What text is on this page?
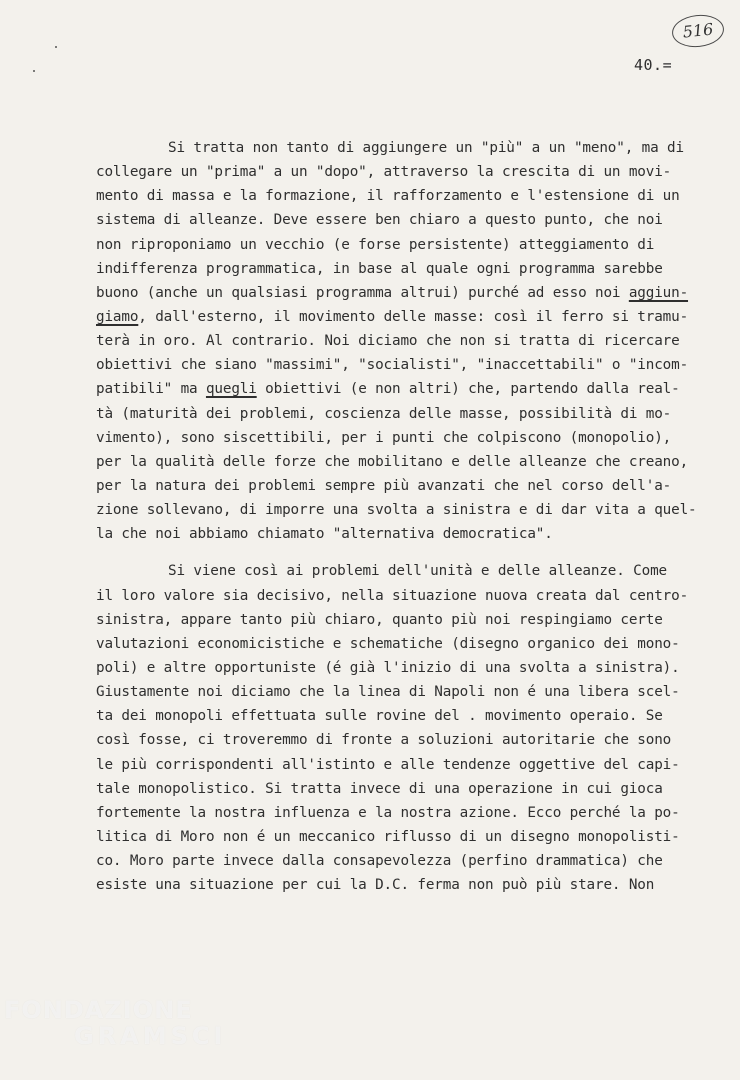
516
40.=
Si tratta non tanto di aggiungere un "più" a un "meno", ma di
collegare un "prima" a un "dopo", attraverso la crescita di un movi-
mento di massa e la formazione, il rafforzamento e l'estensione di un
sistema di alleanze. Deve essere ben chiaro a questo punto, che noi
non riproponiamo un vecchio (e forse persistente) atteggiamento di
indifferenza programmatica, in base al quale ogni programma sarebbe
buono (anche un qualsiasi programma altrui) purché ad esso noi aggiun-
giamo, dall'esterno, il movimento delle masse: così il ferro si tramu-
terà in oro. Al contrario. Noi diciamo che non si tratta di ricercare
obiettivi che siano "massimi", "socialisti", "inaccettabili" o "incom-
patibili" ma quegli obiettivi (e non altri) che, partendo dalla real-
tà (maturità dei problemi, coscienza delle masse, possibilità di mo-
vimento), sono siscettibili, per i punti che colpiscono (monopolio),
per la qualità delle forze che mobilitano e delle alleanze che creano,
per la natura dei problemi sempre più avanzati che nel corso dell'a-
zione sollevano, di imporre una svolta a sinistra e di dar vita a quel-
la che noi abbiamo chiamato "alternativa democratica".
Si viene così ai problemi dell'unità e delle alleanze. Come
il loro valore sia decisivo, nella situazione nuova creata dal centro-
sinistra, appare tanto più chiaro, quanto più noi respingiamo certe
valutazioni economicistiche e schematiche (disegno organico dei mono-
poli) e altre opportuniste (é già l'inizio di una svolta a sinistra).
Giustamente noi diciamo che la linea di Napoli non é una libera scel-
ta dei monopoli effettuata sulle rovine del . movimento operaio. Se
così fosse, ci troveremmo di fronte a soluzioni autoritarie che sono
le più corrispondenti all'istinto e alle tendenze oggettive del capi-
tale monopolistico. Si tratta invece di una operazione in cui gioca
fortemente la nostra influenza e la nostra azione. Ecco perché la po-
litica di Moro non é un meccanico riflusso di un disegno monopolisti-
co. Moro parte invece dalla consapevolezza (perfino drammatica) che
esiste una situazione per cui la D.C. ferma non può più stare. Non
FONDAZIONE
GRAMSCI
